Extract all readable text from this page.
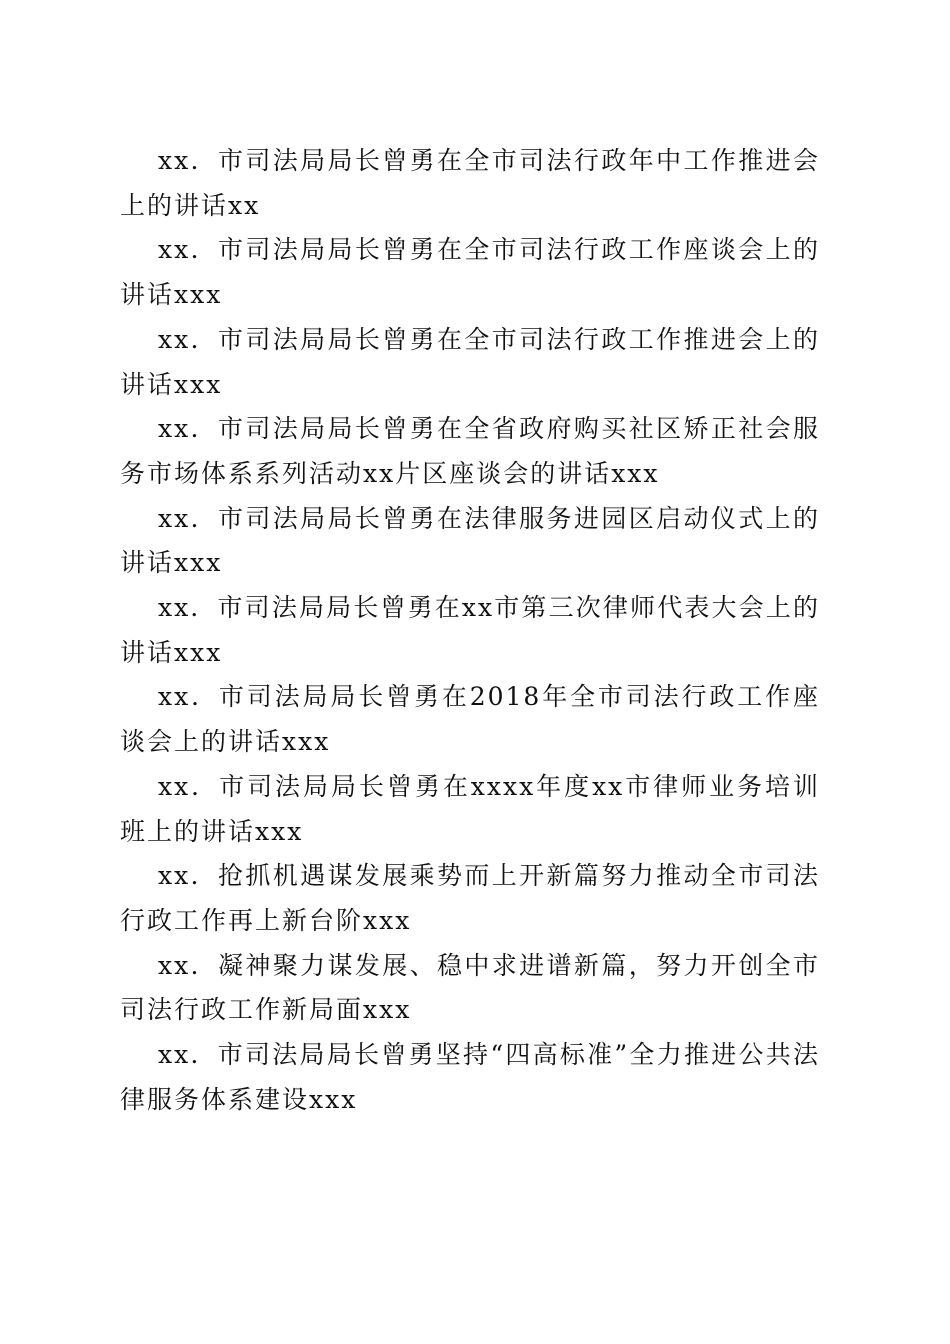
xx．市司法局局长曾勇在全市司法行政年中工作推进会上的讲话xx

xx．市司法局局长曾勇在全市司法行政工作座谈会上的讲话xxx

xx．市司法局局长曾勇在全市司法行政工作推进会上的讲话xxx

xx．市司法局局长曾勇在全省政府购买社区矫正社会服务市场体系系列活动xx片区座谈会的讲话xxx

xx．市司法局局长曾勇在法律服务进园区启动仪式上的讲话xxx

xx．市司法局局长曾勇在xx市第三次律师代表大会上的讲话xxx

xx．市司法局局长曾勇在2018年全市司法行政工作座谈会上的讲话xxx

xx．市司法局局长曾勇在xxxx年度xx市律师业务培训班上的讲话xxx

xx．抢抓机遇谋发展乘势而上开新篇努力推动全市司法行政工作再上新台阶xxx

xx．凝神聚力谋发展、稳中求进谱新篇，努力开创全市司法行政工作新局面xxx

xx．市司法局局长曾勇坚持“四高标准”全力推进公共法律服务体系建设xxx
